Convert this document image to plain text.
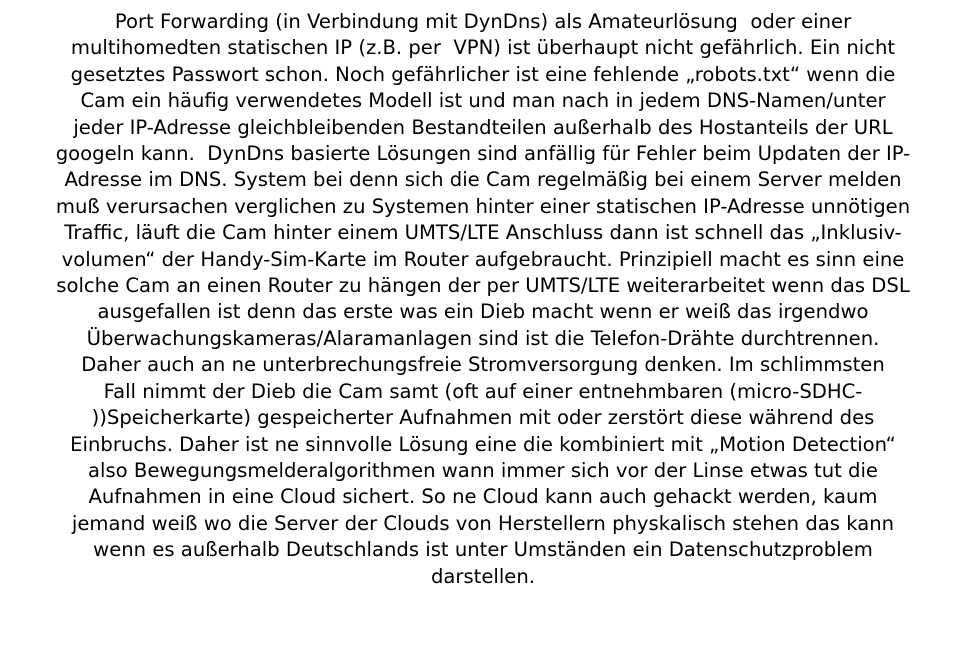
Port Forwarding (in Verbindung mit DynDns) als Amateurlösung  oder einer
multihomedten statischen IP (z.B. per  VPN) ist überhaupt nicht gefährlich. Ein nicht
gesetztes Passwort schon. Noch gefährlicher ist eine fehlende „robots.txt“ wenn die
Cam ein häufig verwendetes Modell ist und man nach in jedem DNS-Namen/unter
jeder IP-Adresse gleichbleibenden Bestandteilen außerhalb des Hostanteils der URL
googeln kann.  DynDns basierte Lösungen sind anfällig für Fehler beim Updaten der IP-
Adresse im DNS. System bei denn sich die Cam regelmäßig bei einem Server melden
muß verursachen verglichen zu Systemen hinter einer statischen IP-Adresse unnötigen
Traffic, läuft die Cam hinter einem UMTS/LTE Anschluss dann ist schnell das „Inklusiv-
volumen“ der Handy-Sim-Karte im Router aufgebraucht. Prinzipiell macht es sinn eine
solche Cam an einen Router zu hängen der per UMTS/LTE weiterarbeitet wenn das DSL
ausgefallen ist denn das erste was ein Dieb macht wenn er weiß das irgendwo
Überwachungskameras/Alaramanlagen sind ist die Telefon-Drähte durchtrennen.
Daher auch an ne unterbrechungsfreie Stromversorgung denken. Im schlimmsten
Fall nimmt der Dieb die Cam samt (oft auf einer entnehmbaren (micro-SDHC-
))Speicherkarte) gespeicherter Aufnahmen mit oder zerstört diese während des
Einbruchs. Daher ist ne sinnvolle Lösung eine die kombiniert mit „Motion Detection“
also Bewegungsmelderalgorithmen wann immer sich vor der Linse etwas tut die
Aufnahmen in eine Cloud sichert. So ne Cloud kann auch gehackt werden, kaum
jemand weiß wo die Server der Clouds von Herstellern physkalisch stehen das kann
wenn es außerhalb Deutschlands ist unter Umständen ein Datenschutzproblem
darstellen.
